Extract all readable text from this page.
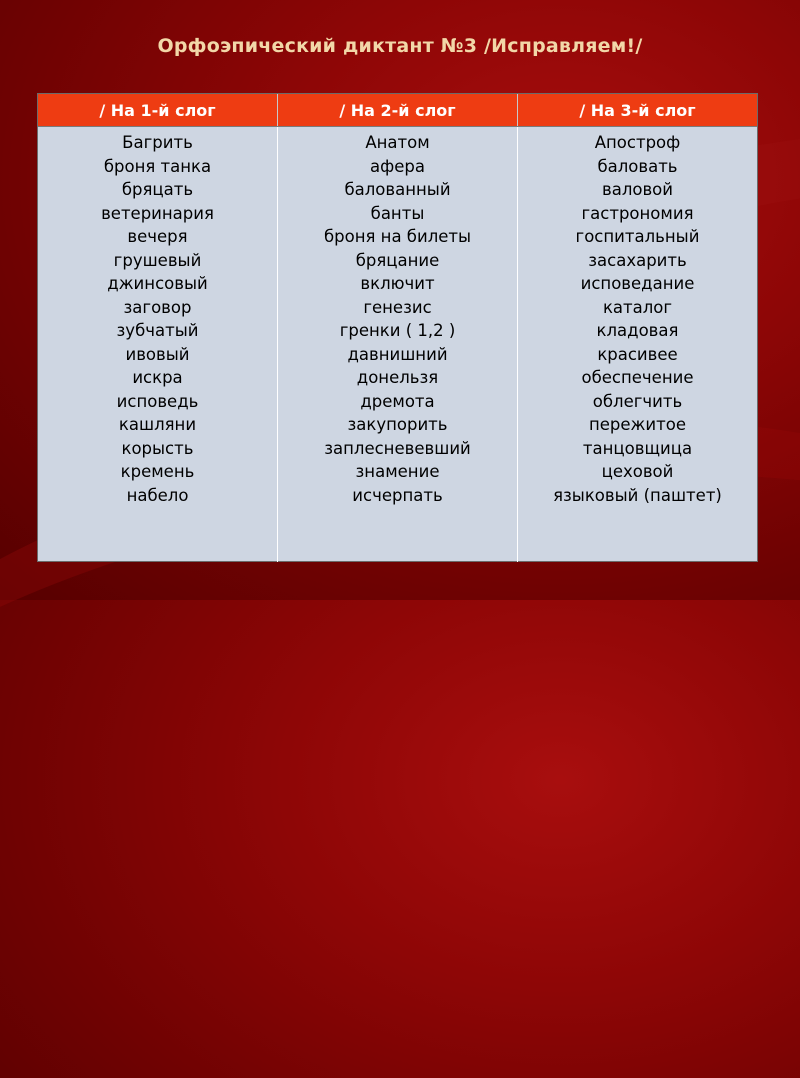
Орфоэпический диктант №3 /Исправляем!/
/ На 1-й слог	/ На 2-й слог	/ На 3-й слог
Багрить
броня танка
бряцать
ветеринария
вечеря
грушевый
джинсовый
заговор
зубчатый
ивовый
искра
исповедь
кашляни
корысть
кремень
набело
Анатом
афера
балованный
банты
броня на билеты
бряцание
включит
генезис
гренки ( 1,2 )
давнишний
донельзя
дремота
закупорить
заплесневевший
знамение
исчерпать
Апостроф
баловать
валовой
гастрономия
госпитальный
засахарить
исповедание
каталог
кладовая
красивее
обеспечение
облегчить
пережитое
танцовщица
цеховой
языковый (паштет)
